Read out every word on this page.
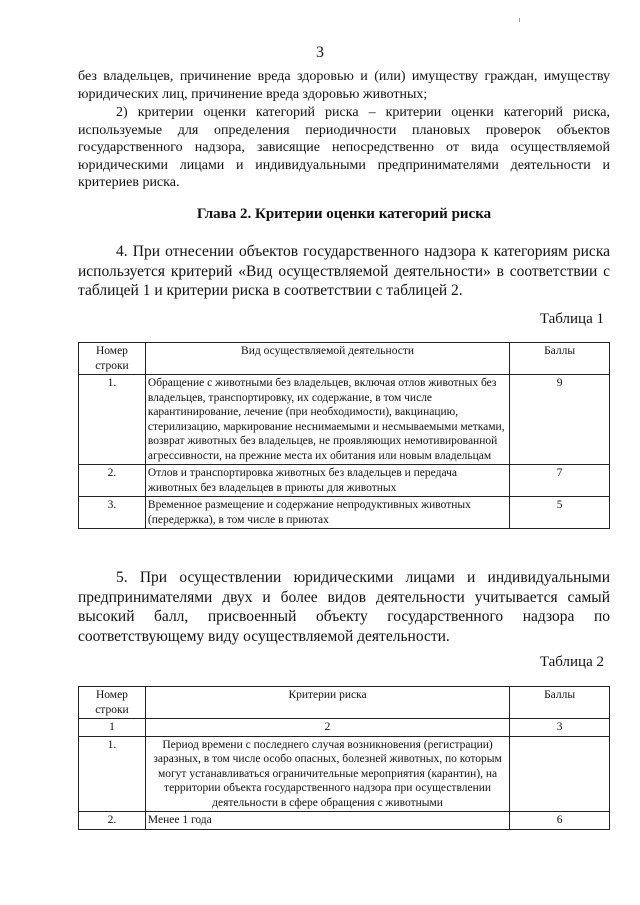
3

без владельцев, причинение вреда здоровью и (или) имуществу граждан, имуществу юридических лиц, причинение вреда здоровью животных;

2) критерии оценки категорий риска – критерии оценки категорий риска, используемые для определения периодичности плановых проверок объектов государственного надзора, зависящие непосредственно от вида осуществляемой юридическими лицами и индивидуальными предпринимателями деятельности и критериев риска.

Глава 2. Критерии оценки категорий риска

4. При отнесении объектов государственного надзора к категориям риска используется критерий «Вид осуществляемой деятельности» в соответствии с таблицей 1 и критерии риска в соответствии с таблицей 2.

Таблица 1
Номер строки	Вид осуществляемой деятельности	Баллы
1.	Обращение с животными без владельцев, включая отлов животных без владельцев, транспортировку, их содержание, в том числе карантинирование, лечение (при необходимости), вакцинацию, стерилизацию, маркирование неснимаемыми и несмываемыми метками, возврат животных без владельцев, не проявляющих немотивированной агрессивности, на прежние места их обитания или новым владельцам	9
2.	Отлов и транспортировка животных без владельцев и передача животных без владельцев в приюты для животных	7
3.	Временное размещение и содержание непродуктивных животных (передержка), в том числе в приютах	5

5. При осуществлении юридическими лицами и индивидуальными предпринимателями двух и более видов деятельности учитывается самый высокий балл, присвоенный объекту государственного надзора по соответствующему виду осуществляемой деятельности.

Таблица 2
Номер строки	Критерии риска	Баллы
1	2	3
1.	Период времени с последнего случая возникновения (регистрации) заразных, в том числе особо опасных, болезней животных, по которым могут устанавливаться ограничительные мероприятия (карантин), на территории объекта государственного надзора при осуществлении деятельности в сфере обращения с животными	
2.	Менее 1 года	6
